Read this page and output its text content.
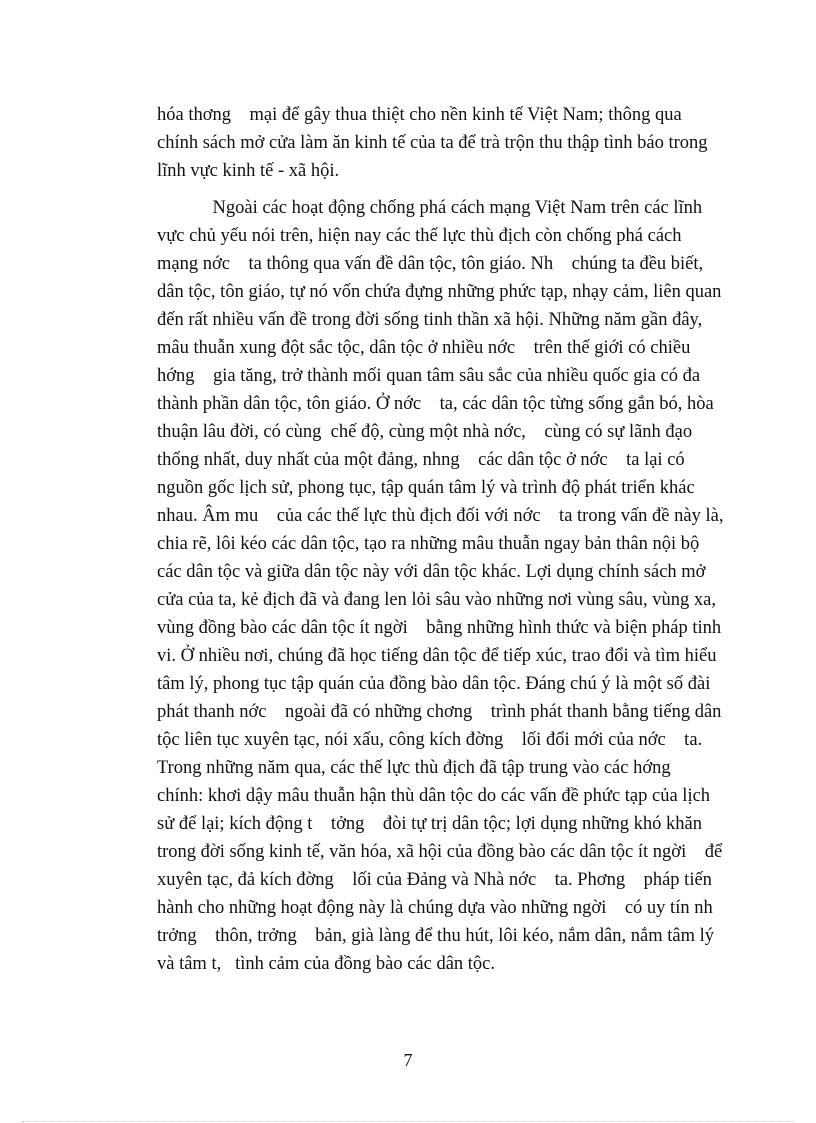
hóa thơng    mại để gây thua thiệt cho nền kinh tế Việt Nam; thông qua
chính sách mở cửa làm ăn kinh tế của ta để trà trộn thu thập tình báo trong
lĩnh vực kinh tế - xã hội.
Ngoài các hoạt động chống phá cách mạng Việt Nam trên các lĩnh
vực chủ yếu nói trên, hiện nay các thế lực thù địch còn chống phá cách
mạng nớc    ta thông qua vấn đề dân tộc, tôn giáo. Nh    chúng ta đều biết,
dân tộc, tôn giáo, tự nó vốn chứa đựng những phức tạp, nhạy cảm, liên quan
đến rất nhiều vấn đề trong đời sống tinh thần xã hội. Những năm gần đây,
mâu thuẫn xung đột sắc tộc, dân tộc ở nhiều nớc    trên thế giới có chiều
hớng    gia tăng, trở thành mối quan tâm sâu sắc của nhiều quốc gia có đa
thành phần dân tộc, tôn giáo. Ở nớc    ta, các dân tộc từng sống gắn bó, hòa
thuận lâu đời, có cùng  chế độ, cùng một nhà nớc,    cùng có sự lãnh đạo
thống nhất, duy nhất của một đảng, nhng    các dân tộc ở nớc    ta lại có
nguồn gốc lịch sử, phong tục, tập quán tâm lý và trình độ phát triển khác
nhau. Âm mu    của các thế lực thù địch đối với nớc    ta trong vấn đề này là,
chia rẽ, lôi kéo các dân tộc, tạo ra những mâu thuẫn ngay bản thân nội bộ
các dân tộc và giữa dân tộc này với dân tộc khác. Lợi dụng chính sách mở
cửa của ta, kẻ địch đã và đang len lỏi sâu vào những nơi vùng sâu, vùng xa,
vùng đồng bào các dân tộc ít ngời    bằng những hình thức và biện pháp tinh
vi. Ở nhiều nơi, chúng đã học tiếng dân tộc để tiếp xúc, trao đổi và tìm hiểu
tâm lý, phong tục tập quán của đồng bào dân tộc. Đáng chú ý là một số đài
phát thanh nớc    ngoài đã có những chơng    trình phát thanh bằng tiếng dân
tộc liên tục xuyên tạc, nói xấu, công kích đờng    lối đổi mới của nớc    ta.
Trong những năm qua, các thế lực thù địch đã tập trung vào các hớng
chính: khơi dậy mâu thuẫn hận thù dân tộc do các vấn đề phức tạp của lịch
sử để lại; kích động t    tởng    đòi tự trị dân tộc; lợi dụng những khó khăn
trong đời sống kinh tế, văn hóa, xã hội của đồng bào các dân tộc ít ngời    để
xuyên tạc, đả kích đờng    lối của Đảng và Nhà nớc    ta. Phơng    pháp tiến
hành cho những hoạt động này là chúng dựa vào những ngời    có uy tín nh
trởng    thôn, trởng    bản, già làng để thu hút, lôi kéo, nắm dân, nắm tâm lý
và tâm t,   tình cảm của đồng bào các dân tộc.
7
